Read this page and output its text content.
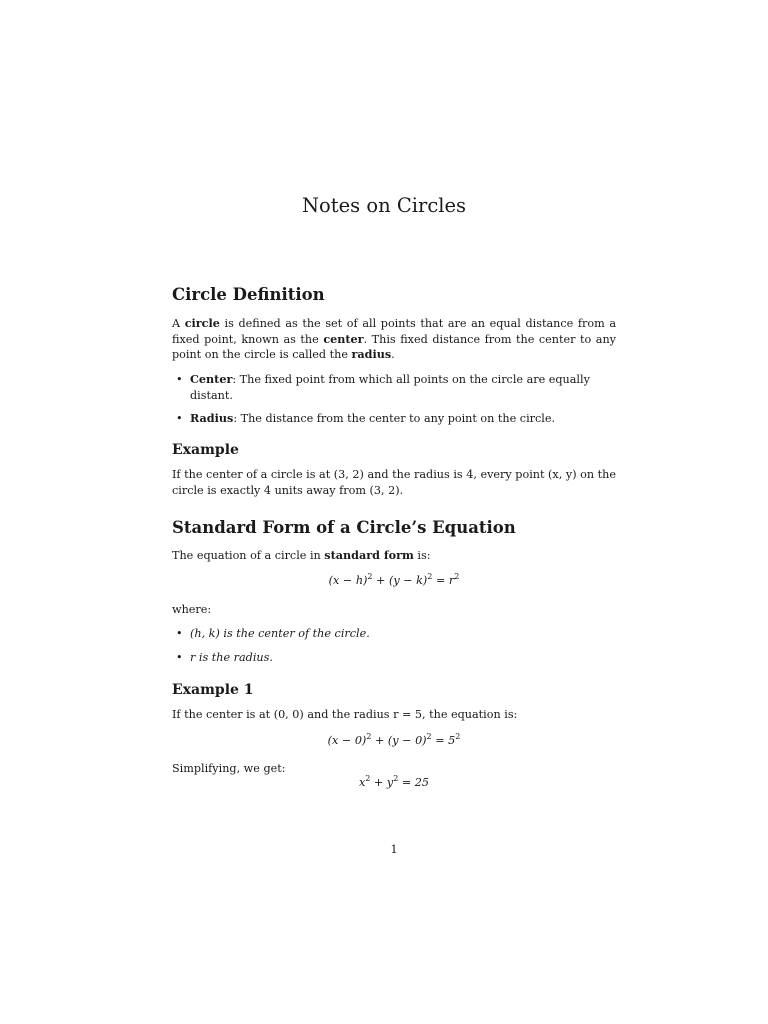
Notes on Circles
Circle Definition
A circle is defined as the set of all points that are an equal distance from a fixed point, known as the center. This fixed distance from the center to any point on the circle is called the radius.
• Center: The fixed point from which all points on the circle are equally distant.
• Radius: The distance from the center to any point on the circle.
Example
If the center of a circle is at (3, 2) and the radius is 4, every point (x, y) on the circle is exactly 4 units away from (3, 2).
Standard Form of a Circle’s Equation
The equation of a circle in standard form is:
$(x - h)^2 + (y - k)^2 = r^2$
where:
• (h, k) is the center of the circle.
• r is the radius.
Example 1
If the center is at (0, 0) and the radius r = 5, the equation is:
$(x - 0)^2 + (y - 0)^2 = 5^2$
Simplifying, we get:
$x^2 + y^2 = 25$
1
